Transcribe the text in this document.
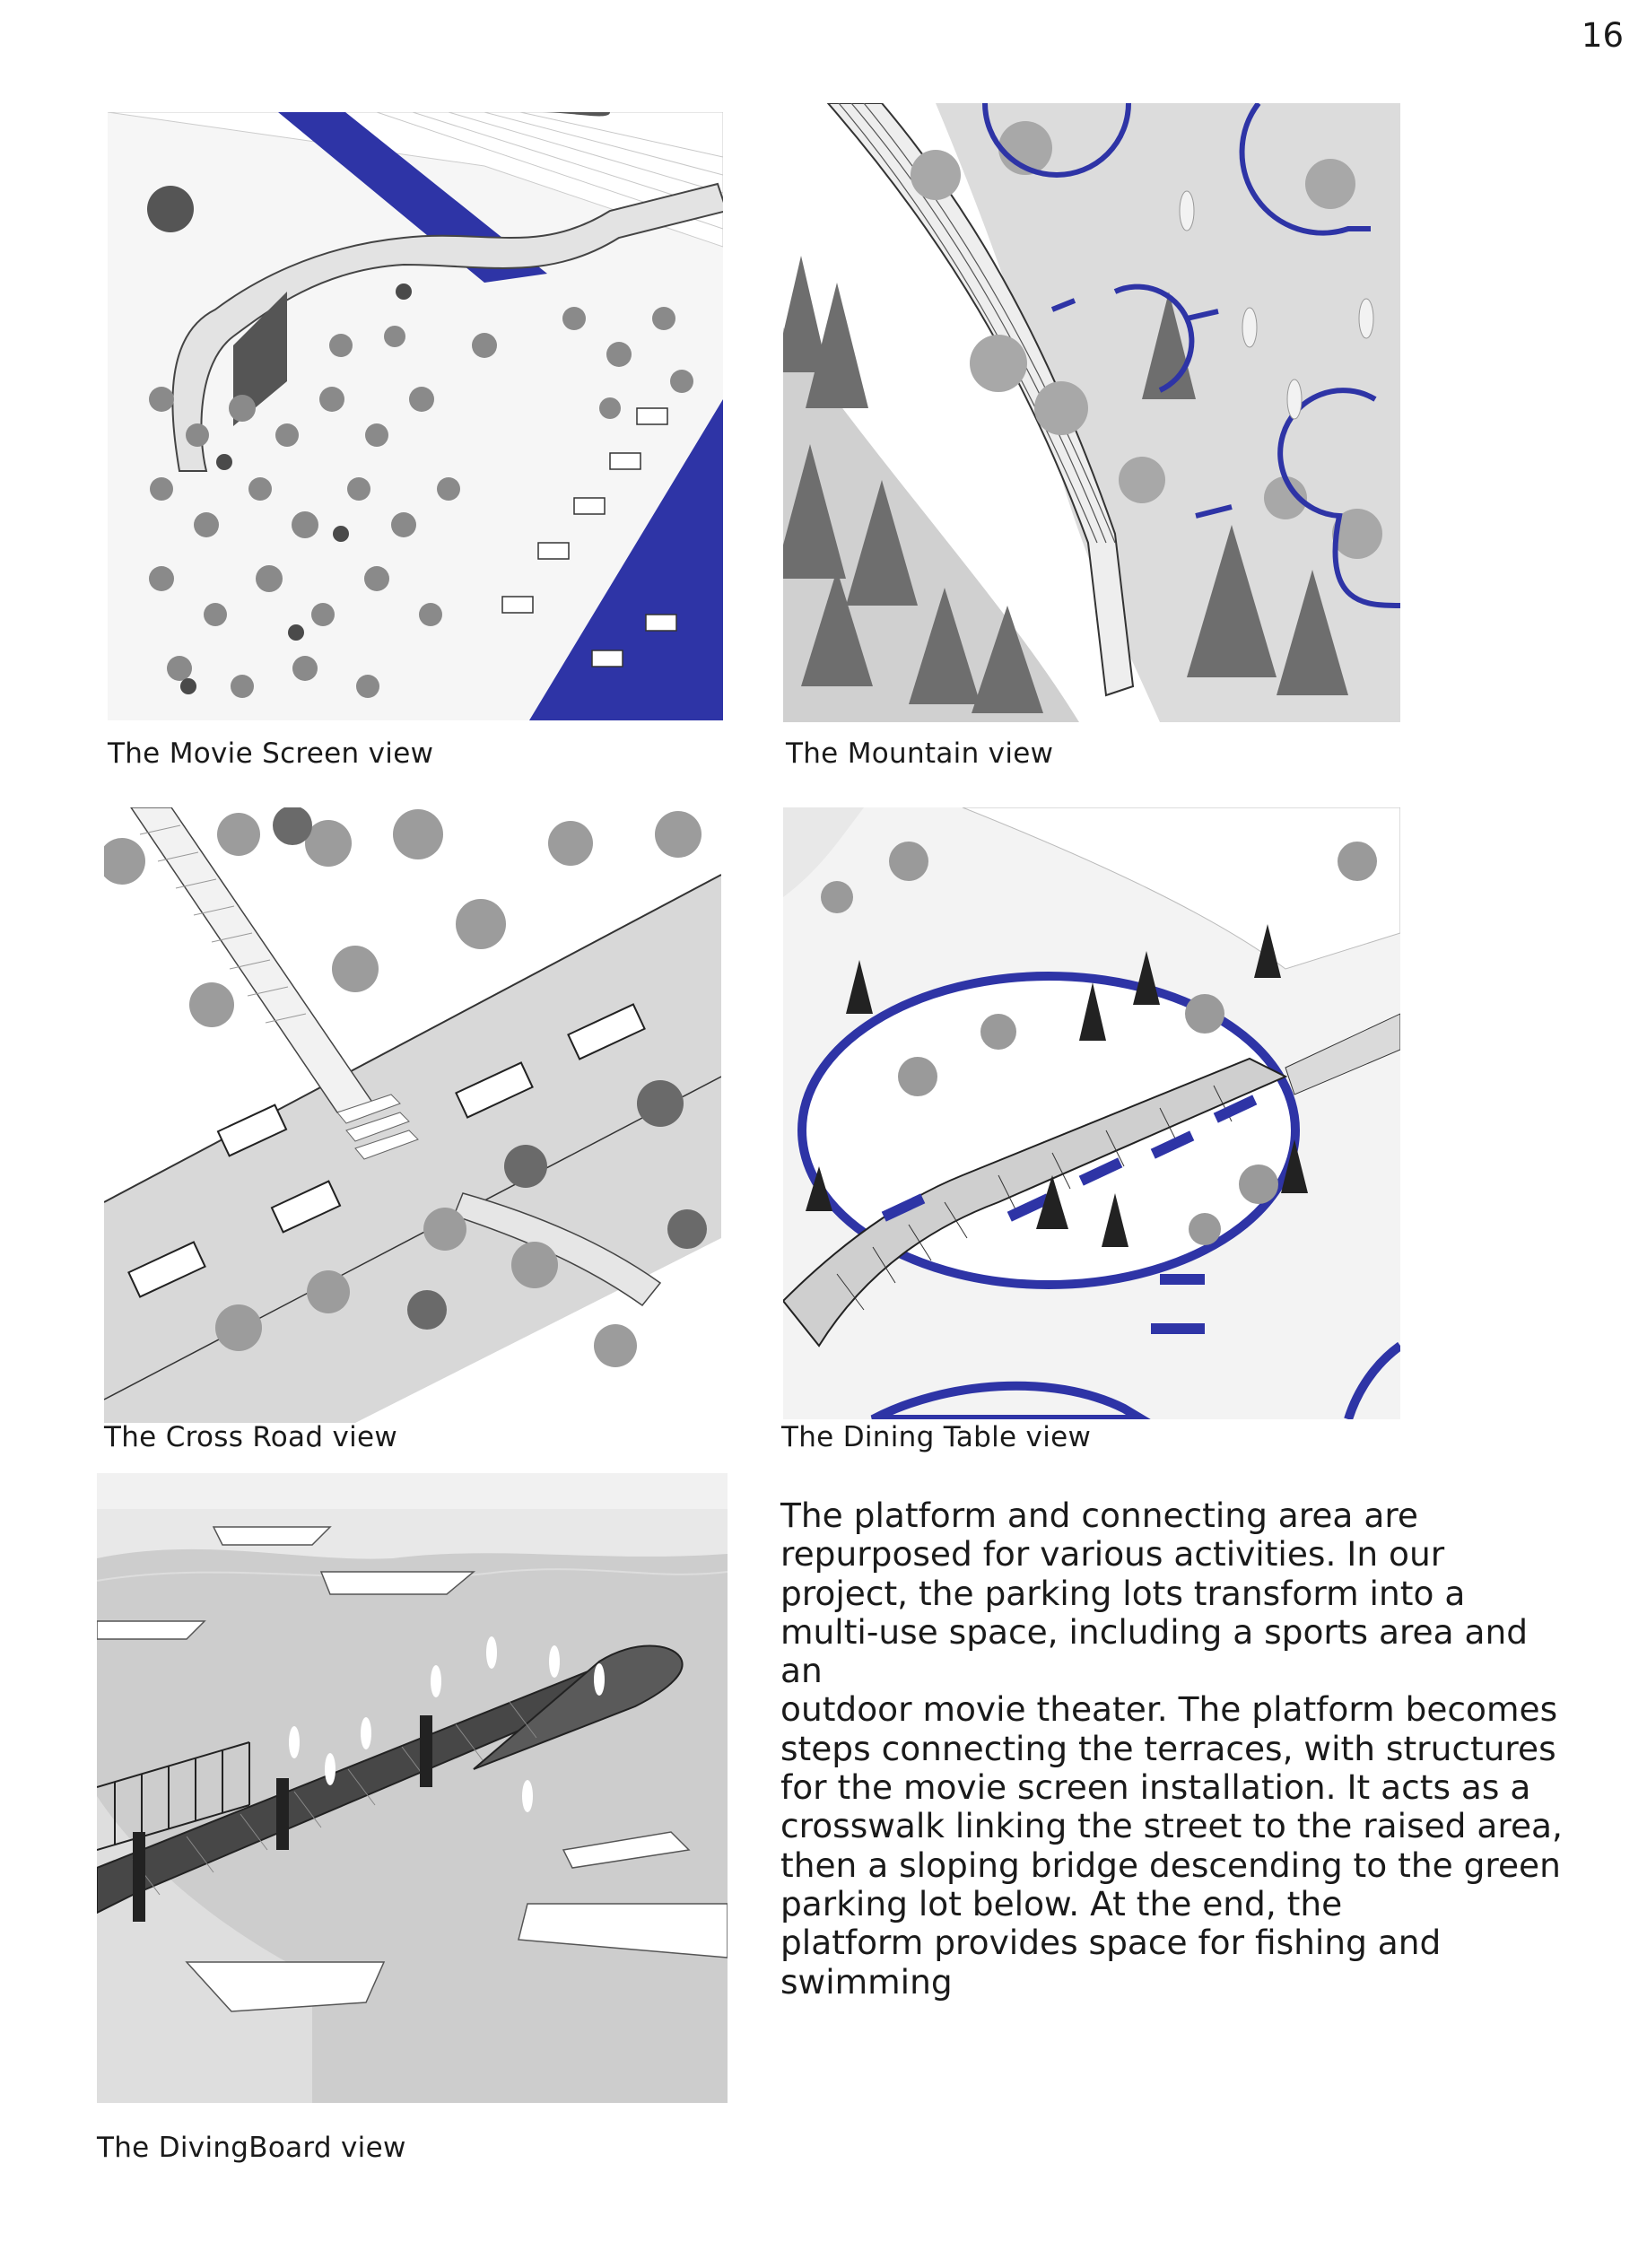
16
The Movie Screen view	The Mountain view
The Cross Road view	The Dining Table view
The DivingBoard view

The platform and connecting area are
repurposed for various activities. In our
project, the parking lots transform into a
multi-use space, including a sports area and an
outdoor movie theater. The platform becomes
steps connecting the terraces, with structures
for the movie screen installation. It acts as a
crosswalk linking the street to the raised area,
then a sloping bridge descending to the green
parking lot below. At the end, the
platform provides space for fishing and
swimming
